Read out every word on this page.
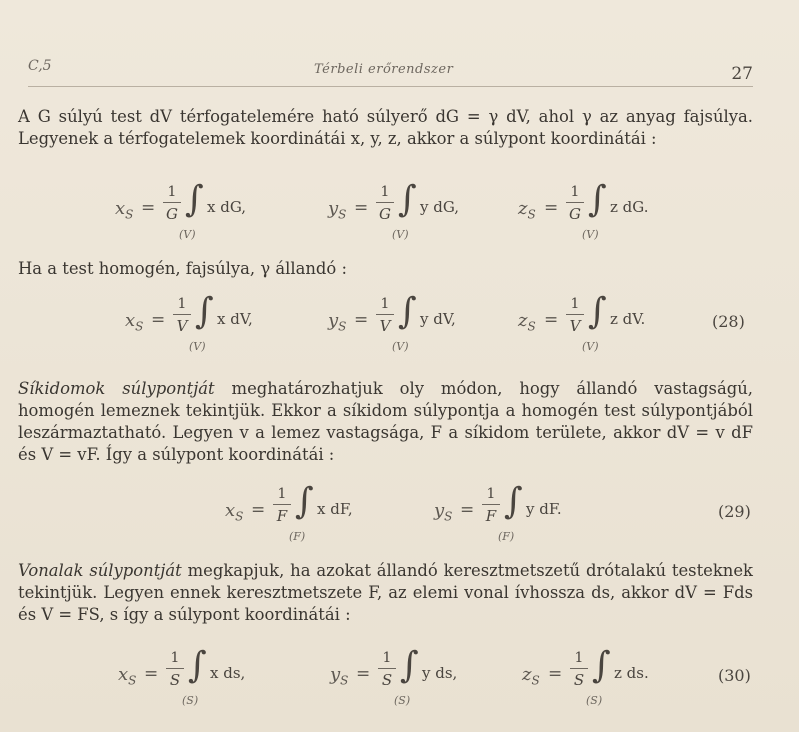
C,5	Térbeli erőrendszer	27
A G súlyú test dV térfogatelemére ható súlyerő dG = γ dV, ahol γ az anyag fajsúlya. Legyenek a térfogatelemek koordinátái x, y, z, akkor a súlypont koordinátái :
$x_S$ =
1
G ∫ x dG,
(V)
$y_S$ =
1
G ∫ y dG,
(V)
$z_S$ =
1
G ∫ z dG.
(V)
Ha a test homogén, fajsúlya, γ állandó :
$x_S$ =
1
V ∫ x dV,
(V)
$y_S$ =
1
V ∫ y dV,
(V)
$z_S$ =
1
V ∫ z dV.
(V)
(28)
Síkidomok súlypontját meghatározhatjuk oly módon, hogy állandó vastagságú, homogén lemeznek tekintjük. Ekkor a síkidom súlypontja a homogén test súlypontjából leszármaztatható. Legyen v a lemez vastagsága, F a síkidom területe, akkor dV = v dF és V = vF. Így a súlypont koordinátái :
$x_S$ =
1
F ∫ x dF,
(F)
$y_S$ =
1
F ∫ y dF.
(F)
(29)
Vonalak súlypontját megkapjuk, ha azokat állandó keresztmetszetű drótalakú testeknek tekintjük. Legyen ennek keresztmetszete F, az elemi vonal ívhossza ds, akkor dV = Fds és V = FS, s így a súlypont koordinátái :
$x_S$ =
1
S ∫ x ds,
(S)
$y_S$ =
1
S ∫ y ds,
(S)
$z_S$ =
1
S ∫ z ds.
(S)
(30)
